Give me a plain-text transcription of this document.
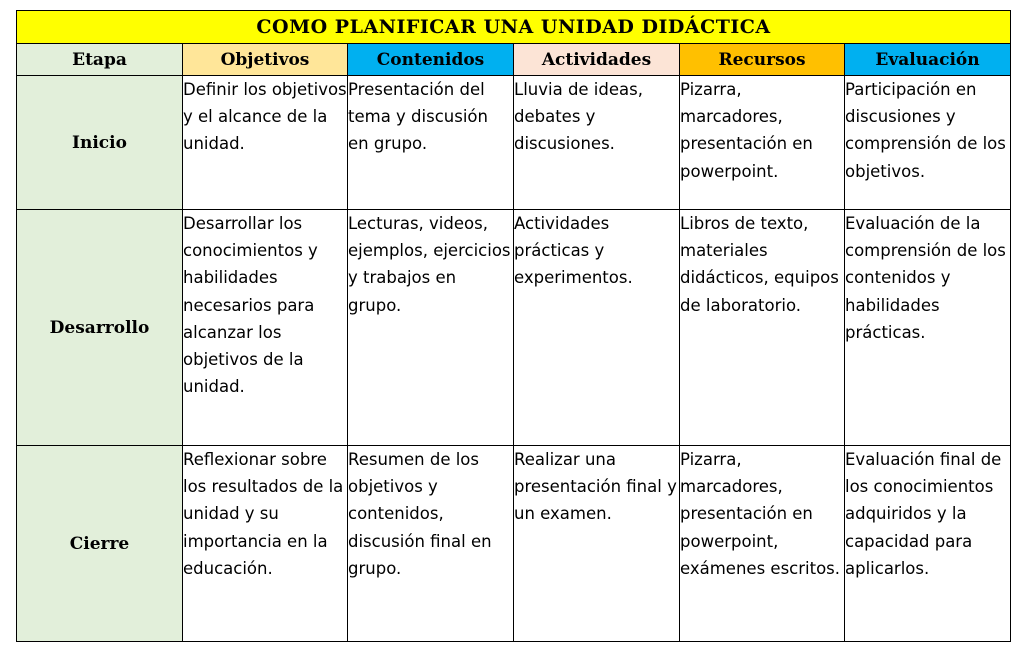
COMO PLANIFICAR UNA UNIDAD DIDÁCTICA					
Etapa	Objetivos	Contenidos	Actividades	Recursos	Evaluación
Inicio	Definir los objetivos y el alcance de la unidad.	Presentación del tema y discusión en grupo.	Lluvia de ideas, debates y discusiones.	Pizarra, marcadores, presentación en powerpoint.	Participación en discusiones y comprensión de los objetivos.
Desarrollo	Desarrollar los conocimientos y habilidades necesarios para alcanzar los objetivos de la unidad.	Lecturas, videos, ejemplos, ejercicios y trabajos en grupo.	Actividades prácticas y experimentos.	Libros de texto, materiales didácticos, equipos de laboratorio.	Evaluación de la comprensión de los contenidos y habilidades prácticas.
Cierre	Reflexionar sobre los resultados de la unidad y su importancia en la educación.	Resumen de los objetivos y contenidos, discusión final en grupo.	Realizar una presentación final y un examen.	Pizarra, marcadores, presentación en powerpoint, exámenes escritos.	Evaluación final de los conocimientos adquiridos y la capacidad para aplicarlos.
